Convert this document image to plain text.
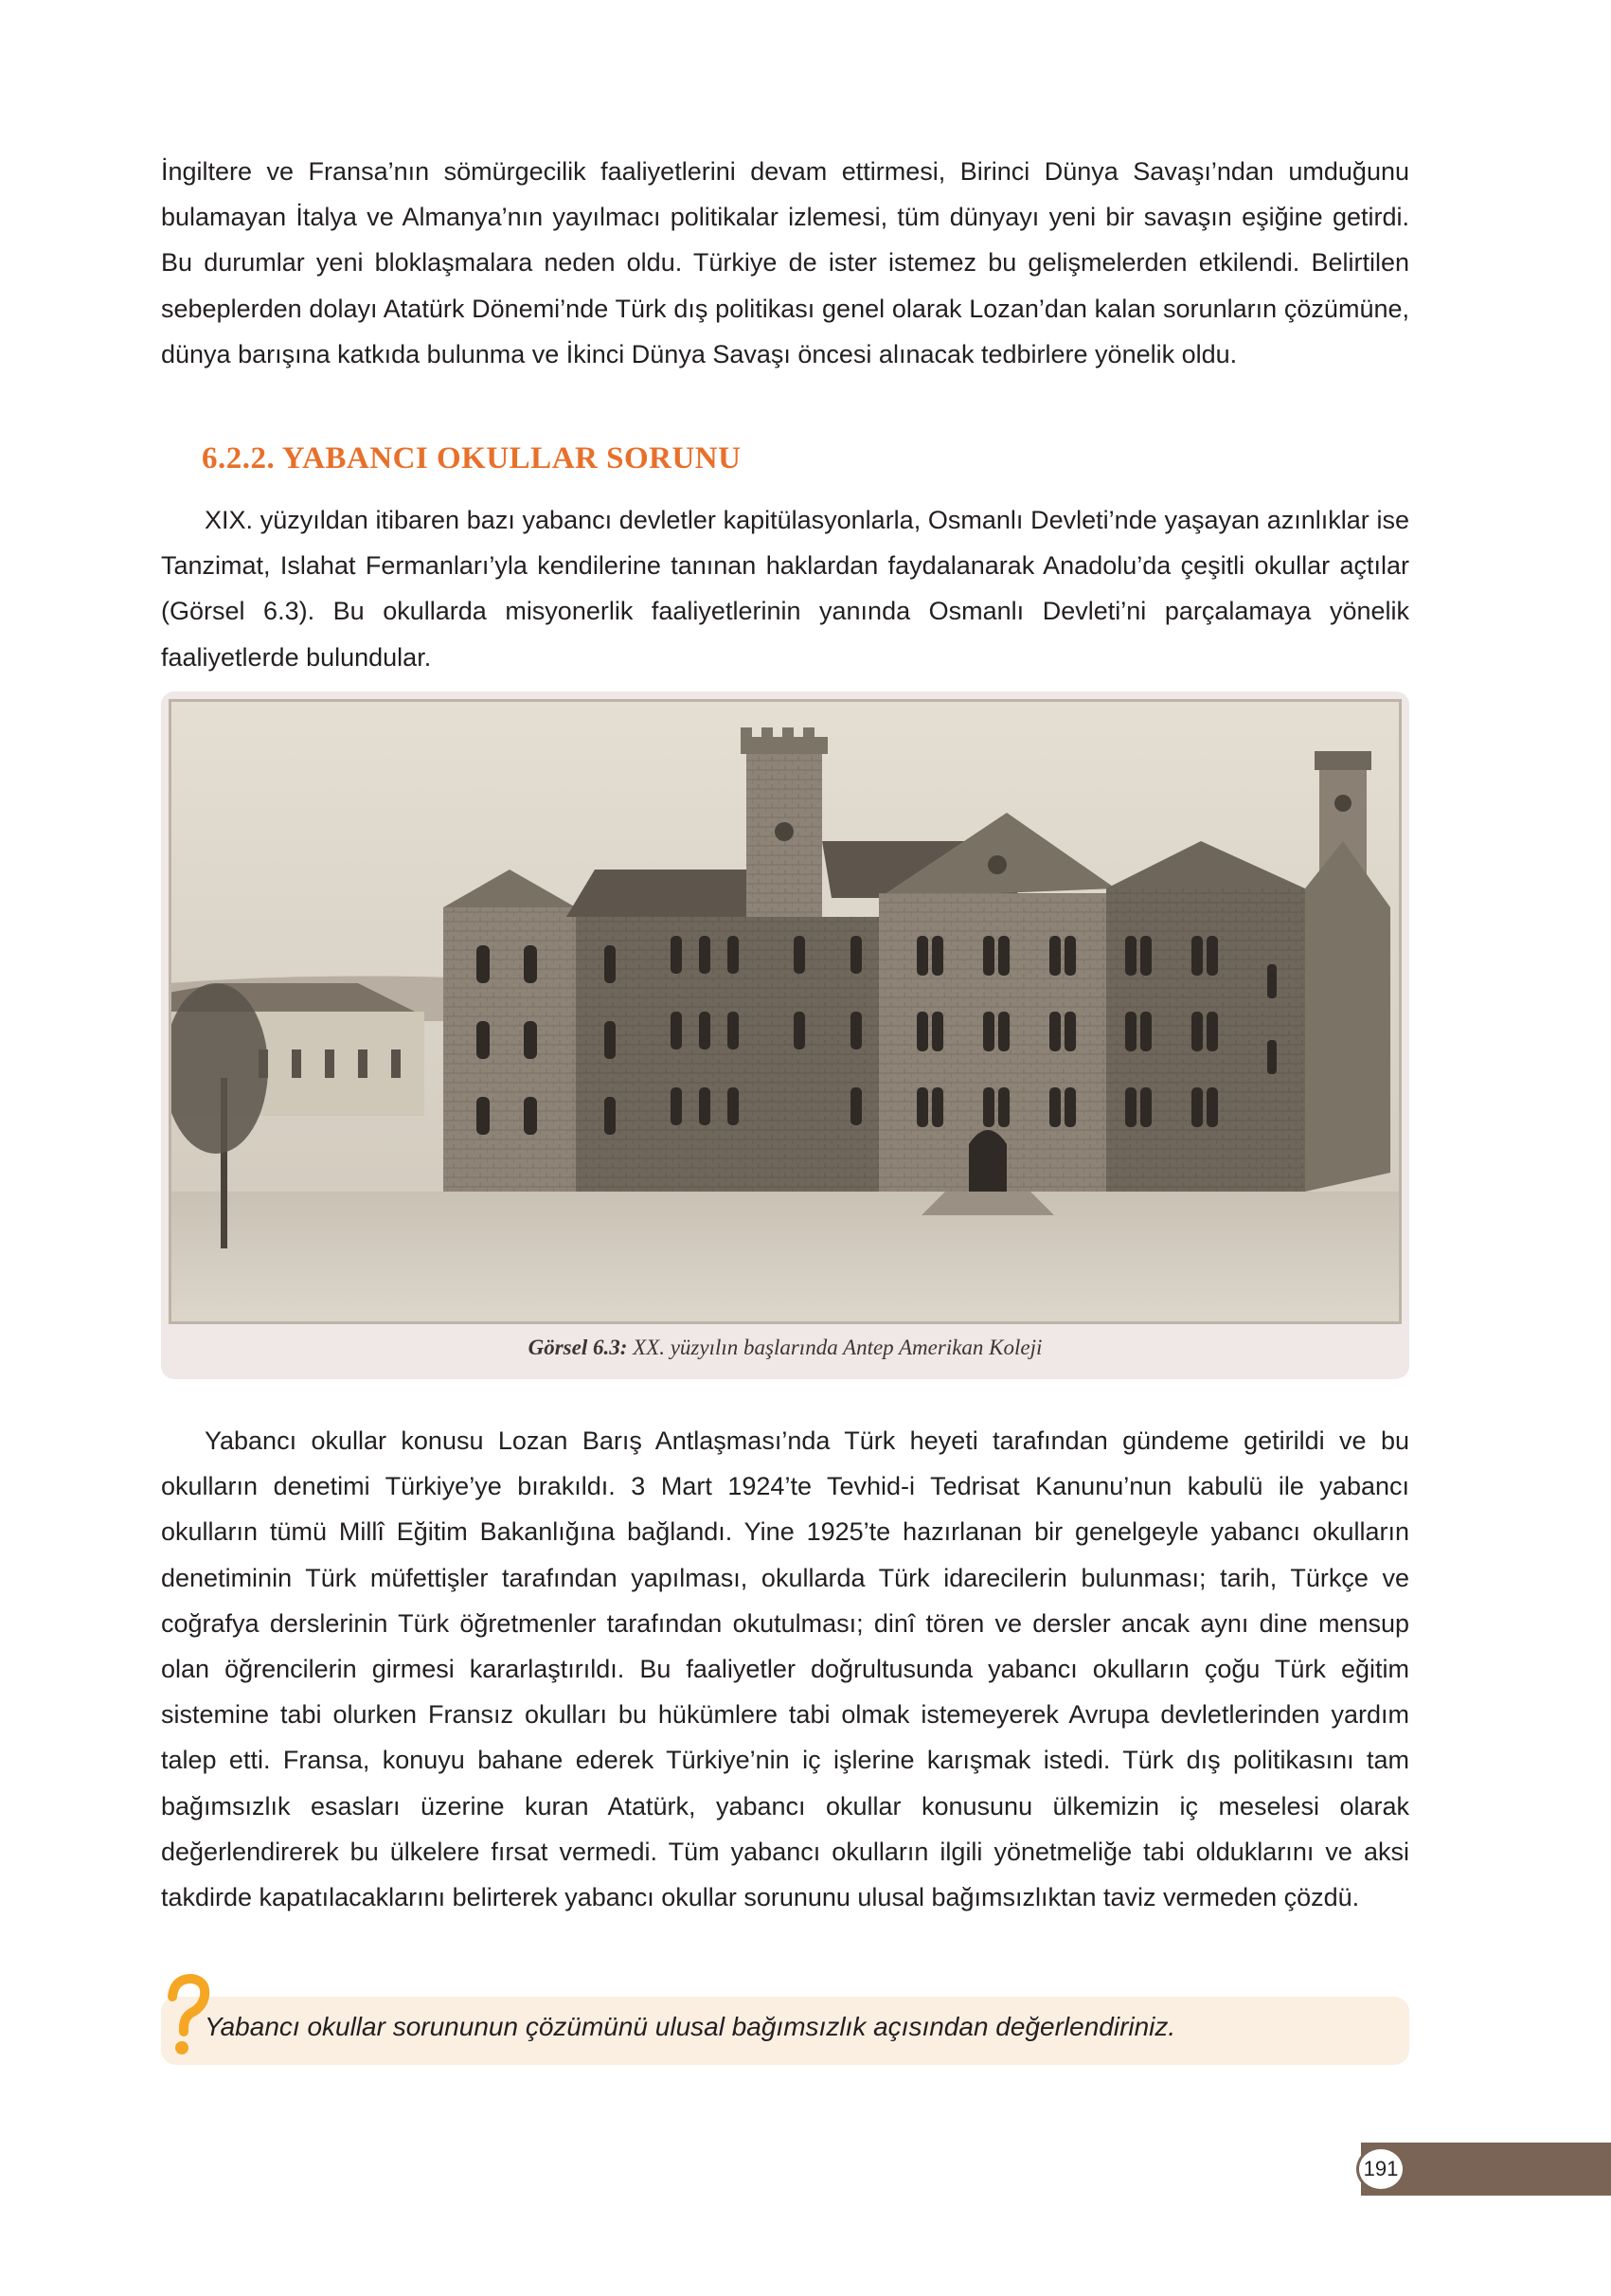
İngiltere ve Fransa’nın sömürgecilik faaliyetlerini devam ettirmesi, Birinci Dünya Savaşı’ndan umduğunu bulamayan İtalya ve Almanya’nın yayılmacı politikalar izlemesi, tüm dünyayı yeni bir savaşın eşiğine getirdi. Bu durumlar yeni bloklaşmalara neden oldu. Türkiye de ister istemez bu gelişmelerden etkilendi. Belirtilen sebeplerden dolayı Atatürk Dönemi’nde Türk dış politikası genel olarak Lozan’dan kalan sorunların çözümüne, dünya barışına katkıda bulunma ve İkinci Dünya Savaşı öncesi alınacak tedbirlere yönelik oldu.

6.2.2. YABANCI OKULLAR SORUNU

XIX. yüzyıldan itibaren bazı yabancı devletler kapitülasyonlarla, Osmanlı Devleti’nde yaşayan azınlıklar ise Tanzimat, Islahat Fermanları’yla kendilerine tanınan haklardan faydalanarak Anadolu’da çeşitli okullar açtılar (Görsel 6.3). Bu okullarda misyonerlik faaliyetlerinin yanında Osmanlı Devleti’ni parçalamaya yönelik faaliyetlerde bulundular.

Görsel 6.3: XX. yüzyılın başlarında Antep Amerikan Koleji

Yabancı okullar konusu Lozan Barış Antlaşması’nda Türk heyeti tarafından gündeme getirildi ve bu okulların denetimi Türkiye’ye bırakıldı. 3 Mart 1924’te Tevhid-i Tedrisat Kanunu’nun kabulü ile yabancı okulların tümü Millî Eğitim Bakanlığına bağlandı. Yine 1925’te hazırlanan bir genelgeyle yabancı okulların denetiminin Türk müfettişler tarafından yapılması, okullarda Türk idarecilerin bulunması; tarih, Türkçe ve coğrafya derslerinin Türk öğretmenler tarafından okutulması; dinî tören ve dersler ancak aynı dine mensup olan öğrencilerin girmesi kararlaştırıldı. Bu faaliyetler doğrultusunda yabancı okulların çoğu Türk eğitim sistemine tabi olurken Fransız okulları bu hükümlere tabi olmak istemeyerek Avrupa devletlerinden yardım talep etti. Fransa, konuyu bahane ederek Türkiye’nin iç işlerine karışmak istedi. Türk dış politikasını tam bağımsızlık esasları üzerine kuran Atatürk, yabancı okullar konusunu ülkemizin iç meselesi olarak değerlendirerek bu ülkelere fırsat vermedi. Tüm yabancı okulların ilgili yönetmeliğe tabi olduklarını ve aksi takdirde kapatılacaklarını belirterek yabancı okullar sorununu ulusal bağımsızlıktan taviz vermeden çözdü.

Yabancı okullar sorununun çözümünü ulusal bağımsızlık açısından değerlendiriniz.

191
